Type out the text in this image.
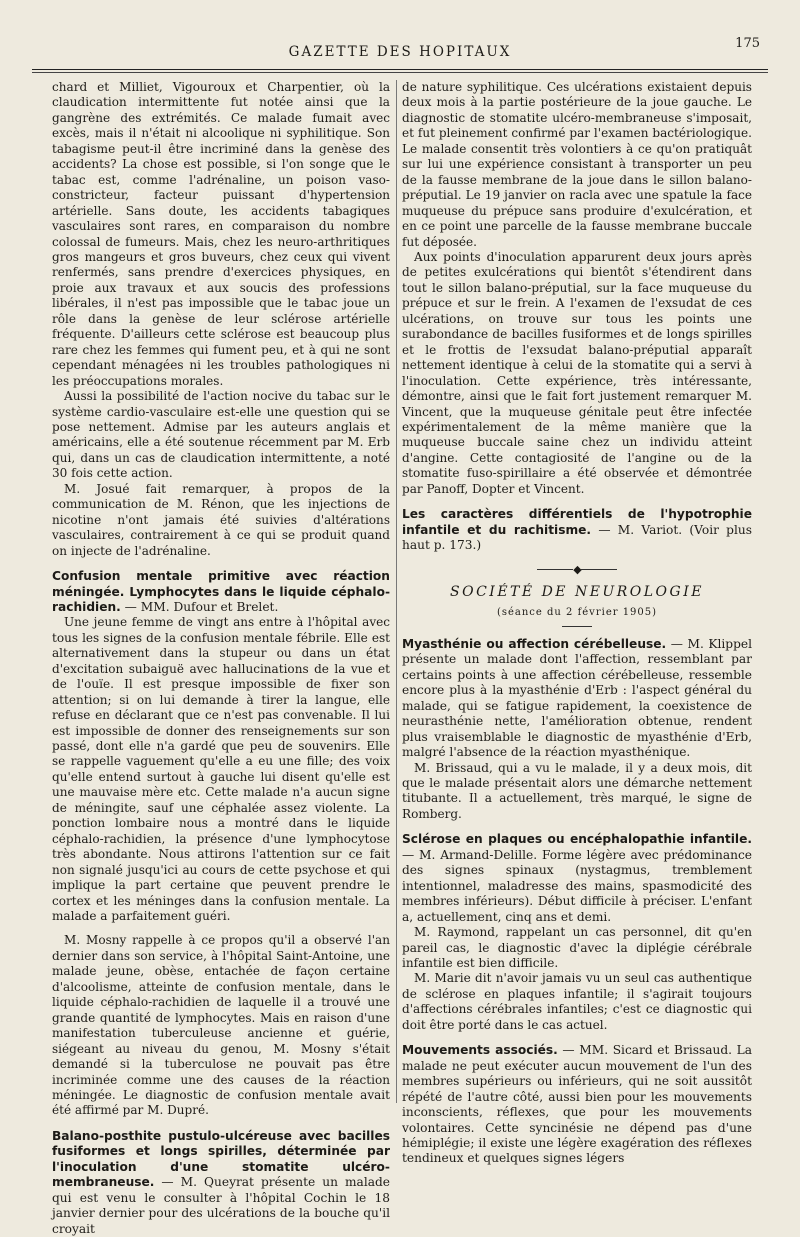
GAZETTE DES HOPITAUX
175

chard et Milliet, Vigouroux et Charpentier, où la claudication intermittente fut notée ainsi que la gangrène des extrémités. Ce malade fumait avec excès, mais il n'était ni alcoolique ni syphilitique. Son tabagisme peut-il être incriminé dans la genèse des accidents? La chose est possible, si l'on songe que le tabac est, comme l'adrénaline, un poison vaso-constricteur, facteur puissant d'hypertension artérielle. Sans doute, les accidents tabagiques vasculaires sont rares, en comparaison du nombre colossal de fumeurs. Mais, chez les neuro-arthritiques gros mangeurs et gros buveurs, chez ceux qui vivent renfermés, sans prendre d'exercices physiques, en proie aux travaux et aux soucis des professions libérales, il n'est pas impossible que le tabac joue un rôle dans la genèse de leur sclérose artérielle fréquente. D'ailleurs cette sclérose est beaucoup plus rare chez les femmes qui fument peu, et à qui ne sont cependant ménagées ni les troubles pathologiques ni les préoccupations morales.

Aussi la possibilité de l'action nocive du tabac sur le système cardio-vasculaire est-elle une question qui se pose nettement. Admise par les auteurs anglais et américains, elle a été soutenue récemment par M. Erb qui, dans un cas de claudication intermittente, a noté 30 fois cette action.

M. Josué fait remarquer, à propos de la communication de M. Rénon, que les injections de nicotine n'ont jamais été suivies d'altérations vasculaires, contrairement à ce qui se produit quand on injecte de l'adrénaline.

Confusion mentale primitive avec réaction méningée. Lymphocytes dans le liquide céphalo-rachidien. — MM. Dufour et Brelet.

Une jeune femme de vingt ans entre à l'hôpital avec tous les signes de la confusion mentale fébrile. Elle est alternativement dans la stupeur ou dans un état d'excitation subaiguë avec hallucinations de la vue et de l'ouïe. Il est presque impossible de fixer son attention; si on lui demande à tirer la langue, elle refuse en déclarant que ce n'est pas convenable. Il lui est impossible de donner des renseignements sur son passé, dont elle n'a gardé que peu de souvenirs. Elle se rappelle vaguement qu'elle a eu une fille; des voix qu'elle entend surtout à gauche lui disent qu'elle est une mauvaise mère etc. Cette malade n'a aucun signe de méningite, sauf une céphalée assez violente. La ponction lombaire nous a montré dans le liquide céphalo-rachidien, la présence d'une lymphocytose très abondante. Nous attirons l'attention sur ce fait non signalé jusqu'ici au cours de cette psychose et qui implique la part certaine que peuvent prendre le cortex et les méninges dans la confusion mentale. La malade a parfaitement guéri.

M. Mosny rappelle à ce propos qu'il a observé l'an dernier dans son service, à l'hôpital Saint-Antoine, une malade jeune, obèse, entachée de façon certaine d'alcoolisme, atteinte de confusion mentale, dans le liquide céphalo-rachidien de laquelle il a trouvé une grande quantité de lymphocytes. Mais en raison d'une manifestation tuberculeuse ancienne et guérie, siégeant au niveau du genou, M. Mosny s'était demandé si la tuberculose ne pouvait pas être incriminée comme une des causes de la réaction méningée. Le diagnostic de confusion mentale avait été affirmé par M. Dupré.

Balano-posthite pustulo-ulcéreuse avec bacilles fusiformes et longs spirilles, déterminée par l'inoculation d'une stomatite ulcéro-membraneuse. — M. Queyrat présente un malade qui est venu le consulter à l'hôpital Cochin le 18 janvier dernier pour des ulcérations de la bouche qu'il croyait

de nature syphilitique. Ces ulcérations existaient depuis deux mois à la partie postérieure de la joue gauche. Le diagnostic de stomatite ulcéro-membraneuse s'imposait, et fut pleinement confirmé par l'examen bactériologique. Le malade consentit très volontiers à ce qu'on pratiquât sur lui une expérience consistant à transporter un peu de la fausse membrane de la joue dans le sillon balano-préputial. Le 19 janvier on racla avec une spatule la face muqueuse du prépuce sans produire d'exulcération, et en ce point une parcelle de la fausse membrane buccale fut déposée.

Aux points d'inoculation apparurent deux jours après de petites exulcérations qui bientôt s'étendirent dans tout le sillon balano-préputial, sur la face muqueuse du prépuce et sur le frein. A l'examen de l'exsudat de ces ulcérations, on trouve sur tous les points une surabondance de bacilles fusiformes et de longs spirilles et le frottis de l'exsudat balano-préputial apparaît nettement identique à celui de la stomatite qui a servi à l'inoculation. Cette expérience, très intéressante, démontre, ainsi que le fait fort justement remarquer M. Vincent, que la muqueuse génitale peut être infectée expérimentalement de la même manière que la muqueuse buccale saine chez un individu atteint d'angine. Cette contagiosité de l'angine ou de la stomatite fuso-spirillaire a été observée et démontrée par Panoff, Dopter et Vincent.

Les caractères différentiels de l'hypotrophie infantile et du rachitisme. — M. Variot. (Voir plus haut p. 173.)
◆
SOCIÉTÉ DE NEUROLOGIE
(séance du 2 février 1905)
Myasthénie ou affection cérébelleuse. — M. Klippel présente un malade dont l'affection, ressemblant par certains points à une affection cérébelleuse, ressemble encore plus à la myasthénie d'Erb : l'aspect général du malade, qui se fatigue rapidement, la coexistence de neurasthénie nette, l'amélioration obtenue, rendent plus vraisemblable le diagnostic de myasthénie d'Erb, malgré l'absence de la réaction myasthénique.

M. Brissaud, qui a vu le malade, il y a deux mois, dit que le malade présentait alors une démarche nettement titubante. Il a actuellement, très marqué, le signe de Romberg.

Sclérose en plaques ou encéphalopathie infantile. — M. Armand-Delille. Forme légère avec prédominance des signes spinaux (nystagmus, tremblement intentionnel, maladresse des mains, spasmodicité des membres inférieurs). Début difficile à préciser. L'enfant a, actuellement, cinq ans et demi.

M. Raymond, rappelant un cas personnel, dit qu'en pareil cas, le diagnostic d'avec la diplégie cérébrale infantile est bien difficile.

M. Marie dit n'avoir jamais vu un seul cas authentique de sclérose en plaques infantile; il s'agirait toujours d'affections cérébrales infantiles; c'est ce diagnostic qui doit être porté dans le cas actuel.

Mouvements associés. — MM. Sicard et Brissaud. La malade ne peut exécuter aucun mouvement de l'un des membres supérieurs ou inférieurs, qui ne soit aussitôt répété de l'autre côté, aussi bien pour les mouvements inconscients, réflexes, que pour les mouvements volontaires. Cette syncinésie ne dépend pas d'une hémiplégie; il existe une légère exagération des réflexes tendineux et quelques signes légers
